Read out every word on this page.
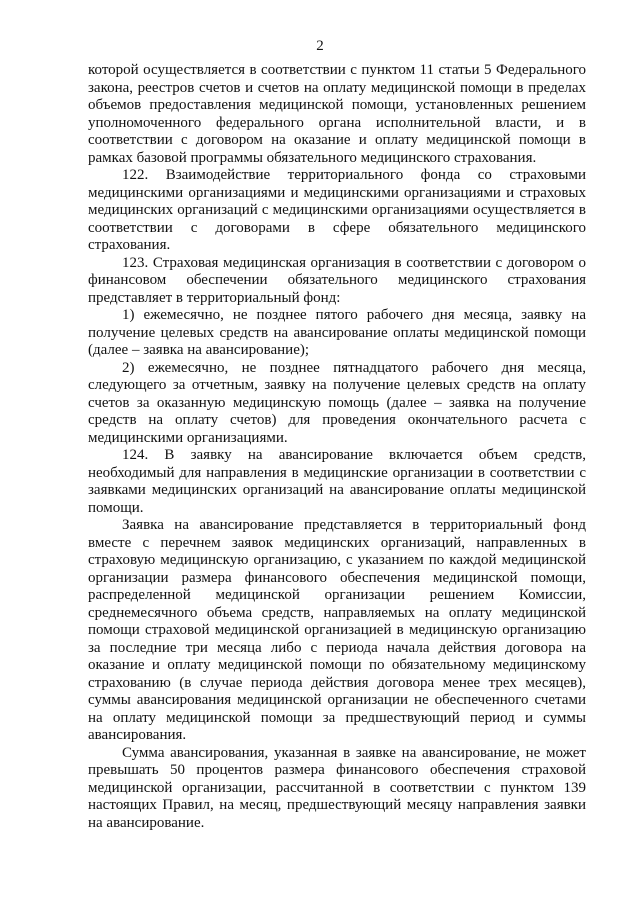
2
которой осуществляется в соответствии с пунктом 11 статьи 5 Федерального
закона, реестров счетов и счетов на оплату медицинской помощи в пределах
объемов предоставления медицинской помощи, установленных решением
уполномоченного федерального органа исполнительной власти, и в
соответствии с договором на оказание и оплату медицинской помощи в
рамках базовой программы обязательного медицинского страхования.
122. Взаимодействие территориального фонда со страховыми
медицинскими организациями и медицинскими организациями и страховых
медицинских организаций с медицинскими организациями осуществляется в
соответствии с договорами в сфере обязательного медицинского
страхования.
123. Страховая медицинская организация в соответствии с договором о
финансовом обеспечении обязательного медицинского страхования
представляет в территориальный фонд:
1) ежемесячно, не позднее пятого рабочего дня месяца, заявку на
получение целевых средств на авансирование оплаты медицинской помощи
(далее – заявка на авансирование);
2) ежемесячно, не позднее пятнадцатого рабочего дня месяца,
следующего за отчетным, заявку на получение целевых средств на оплату
счетов за оказанную медицинскую помощь (далее – заявка на получение
средств на оплату счетов) для проведения окончательного расчета с
медицинскими организациями.
124. В заявку на авансирование включается объем средств,
необходимый для направления в медицинские организации в соответствии с
заявками медицинских организаций на авансирование оплаты медицинской
помощи.
Заявка на авансирование представляется в территориальный фонд
вместе с перечнем заявок медицинских организаций, направленных в
страховую медицинскую организацию, с указанием по каждой медицинской
организации размера финансового обеспечения медицинской помощи,
распределенной медицинской организации решением Комиссии,
среднемесячного объема средств, направляемых на оплату медицинской
помощи страховой медицинской организацией в медицинскую организацию
за последние три месяца либо с периода начала действия договора на
оказание и оплату медицинской помощи по обязательному медицинскому
страхованию (в случае периода действия договора менее трех месяцев),
суммы авансирования медицинской организации не обеспеченного счетами
на оплату медицинской помощи за предшествующий период и суммы
авансирования.
Сумма авансирования, указанная в заявке на авансирование, не может
превышать 50 процентов размера финансового обеспечения страховой
медицинской организации, рассчитанной в соответствии с пунктом 139
настоящих Правил, на месяц, предшествующий месяцу направления заявки
на авансирование.
